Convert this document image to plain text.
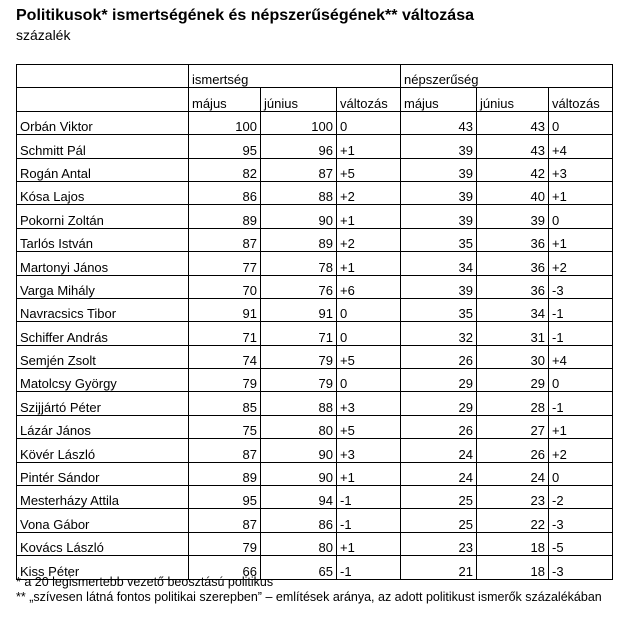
Politikusok* ismertségének és népszerűségének** változása
százalék
	ismertség			népszerűség		
	május	június	változás	május	június	változás
Orbán Viktor	100	100	0	43	43	0
Schmitt Pál	95	96	+1	39	43	+4
Rogán Antal	82	87	+5	39	42	+3
Kósa Lajos	86	88	+2	39	40	+1
Pokorni Zoltán	89	90	+1	39	39	0
Tarlós István	87	89	+2	35	36	+1
Martonyi János	77	78	+1	34	36	+2
Varga Mihály	70	76	+6	39	36	-3
Navracsics Tibor	91	91	0	35	34	-1
Schiffer András	71	71	0	32	31	-1
Semjén Zsolt	74	79	+5	26	30	+4
Matolcsy György	79	79	0	29	29	0
Szijjártó Péter	85	88	+3	29	28	-1
Lázár János	75	80	+5	26	27	+1
Kövér László	87	90	+3	24	26	+2
Pintér Sándor	89	90	+1	24	24	0
Mesterházy Attila	95	94	-1	25	23	-2
Vona Gábor	87	86	-1	25	22	-3
Kovács László	79	80	+1	23	18	-5
Kiss Péter	66	65	-1	21	18	-3
* a 20 legismertebb vezető beosztású politikus
** „szívesen látná fontos politikai szerepben” – említések aránya, az adott politikust ismerők százalékában
